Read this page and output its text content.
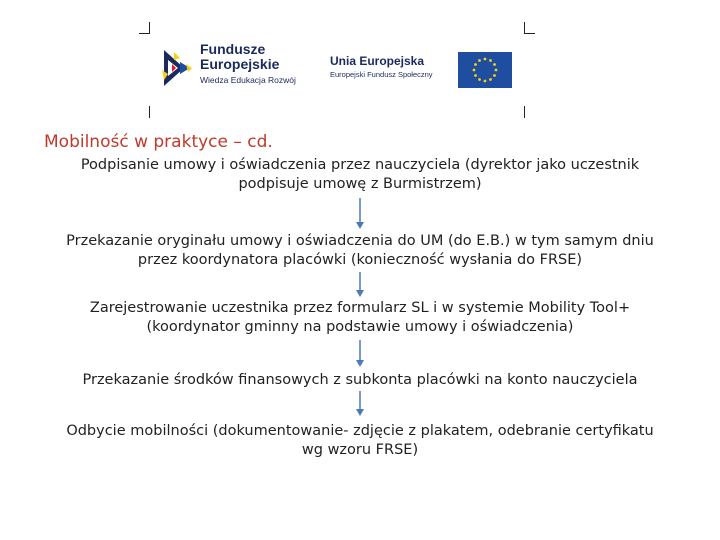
Fundusze
Europejskie
Wiedza Edukacja Rozwój
Unia Europejska
Europejski Fundusz Społeczny
Mobilność w praktyce – cd.
Podpisanie umowy i oświadczenia przez nauczyciela (dyrektor jako uczestnik
podpisuje umowę z Burmistrzem)
Przekazanie oryginału umowy i oświadczenia do UM (do E.B.) w tym samym dniu
przez koordynatora placówki (konieczność wysłania do FRSE)
Zarejestrowanie uczestnika przez formularz SL i w systemie Mobility Tool+
(koordynator gminny na podstawie umowy i oświadczenia)
Przekazanie środków finansowych z subkonta placówki na konto nauczyciela
Odbycie mobilności (dokumentowanie- zdjęcie z plakatem, odebranie certyfikatu
wg wzoru FRSE)
